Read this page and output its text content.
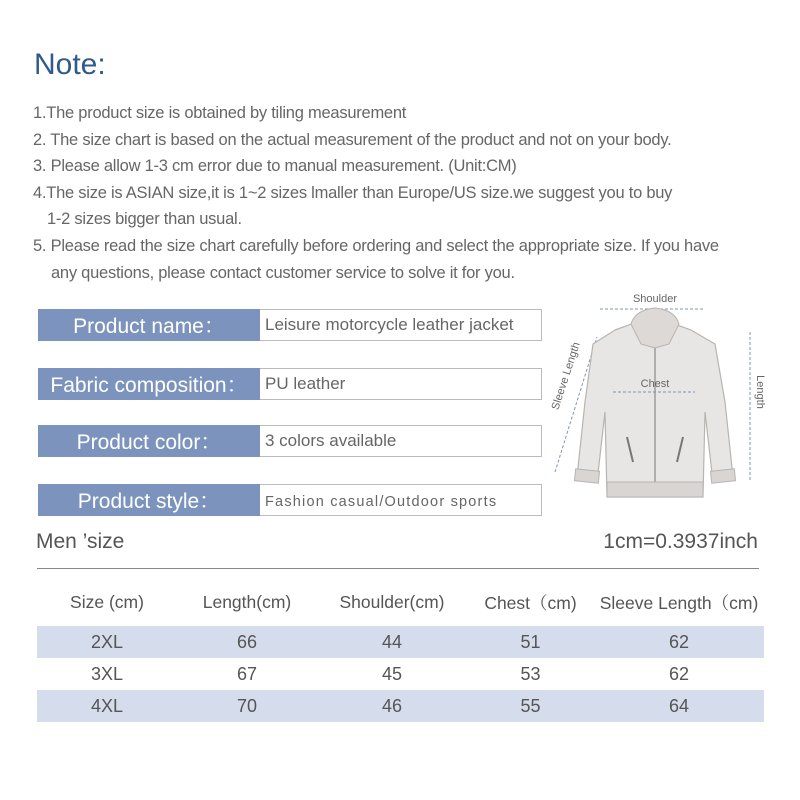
Note:
1.The product size is obtained by tiling measurement
2. The size chart is based on the actual measurement of the product and not on your body.
3. Please allow 1-3 cm error due to manual measurement. (Unit:CM)
4.The size is ASIAN size,it is 1~2 sizes lmaller than Europe/US size.we suggest you to buy
1-2 sizes bigger than usual.
5. Please read the size chart carefully before ordering and select the appropriate size. If you have
any questions, please contact customer service to solve it for you.
Product name：	Leisure motorcycle leather jacket
Fabric composition：	PU leather
Product color：	3 colors available
Product style：	Fashion casual/Outdoor sports
Shoulder
Length
Sleeve Length	Chest
Men ’size	1cm=0.3937inch
Size (cm)	Length(cm)	Shoulder(cm)	Chest（cm)	Sleeve Length（cm)
2XL	66	44	51	62
3XL	67	45	53	62
4XL	70	46	55	64
